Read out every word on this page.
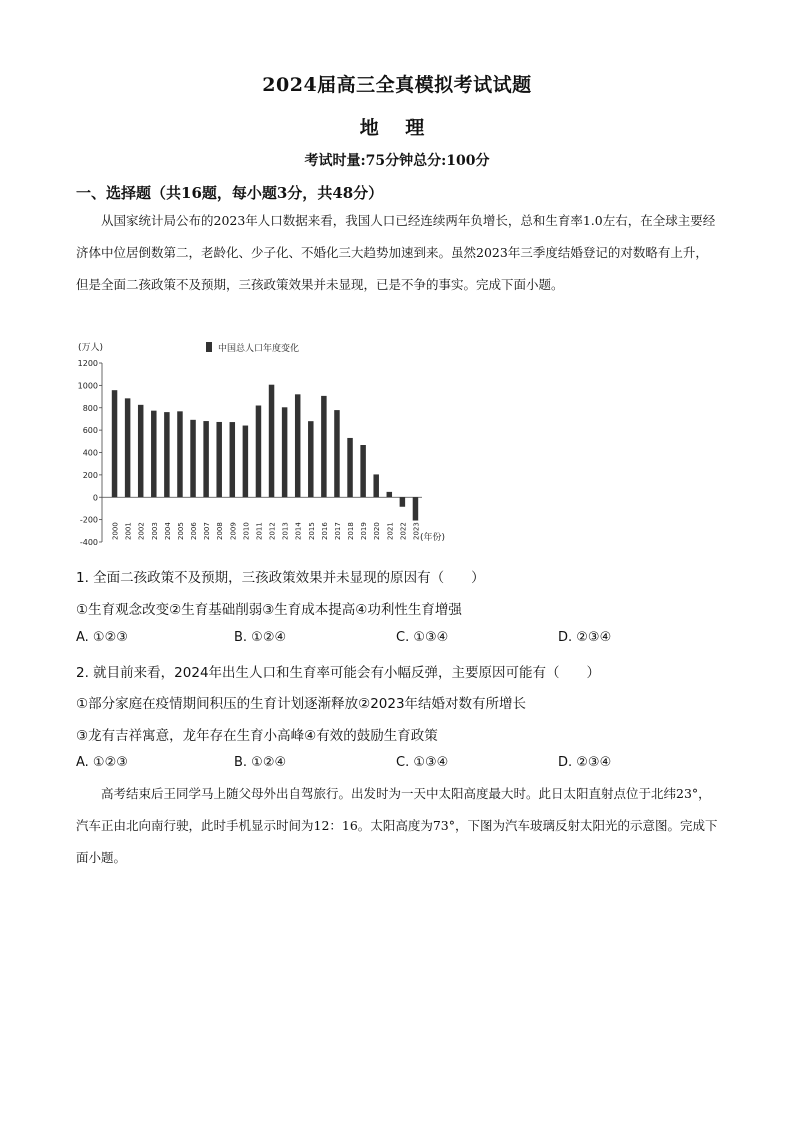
2024届高三全真模拟考试试题
地 理
考试时量:75分钟总分:100分
一、选择题（共16题，每小题3分，共48分）
从国家统计局公布的2023年人口数据来看，我国人口已经连续两年负增长，总和生育率1.0左右，在全球主要经济体中位居倒数第二，老龄化、少子化、不婚化三大趋势加速到来。虽然2023年三季度结婚登记的对数略有上升，但是全面二孩政策不及预期，三孩政策效果并未显现，已是不争的事实。完成下面小题。
(万人)	中国总人口年度变化
1200
1000
800
600
400
200
0
-200
-400
2000 2001 2002 2003 2004 2005 2006 2007 2008 2009 2010 2011 2012 2013 2014 2015 2016 2017 2018 2019 2020 2021 2022 2023 (年份)
1. 全面二孩政策不及预期，三孩政策效果并未显现的原因有（　　）
①生育观念改变②生育基础削弱③生育成本提高④功利性生育增强
A. ①②③	B. ①②④	C. ①③④	D. ②③④
2. 就目前来看，2024年出生人口和生育率可能会有小幅反弹，主要原因可能有（　　）
①部分家庭在疫情期间积压的生育计划逐渐释放②2023年结婚对数有所增长
③龙有吉祥寓意，龙年存在生育小高峰④有效的鼓励生育政策
A. ①②③	B. ①②④	C. ①③④	D. ②③④
高考结束后王同学马上随父母外出自驾旅行。出发时为一天中太阳高度最大时。此日太阳直射点位于北纬23°，汽车正由北向南行驶，此时手机显示时间为12：16。太阳高度为73°，下图为汽车玻璃反射太阳光的示意图。完成下面小题。
